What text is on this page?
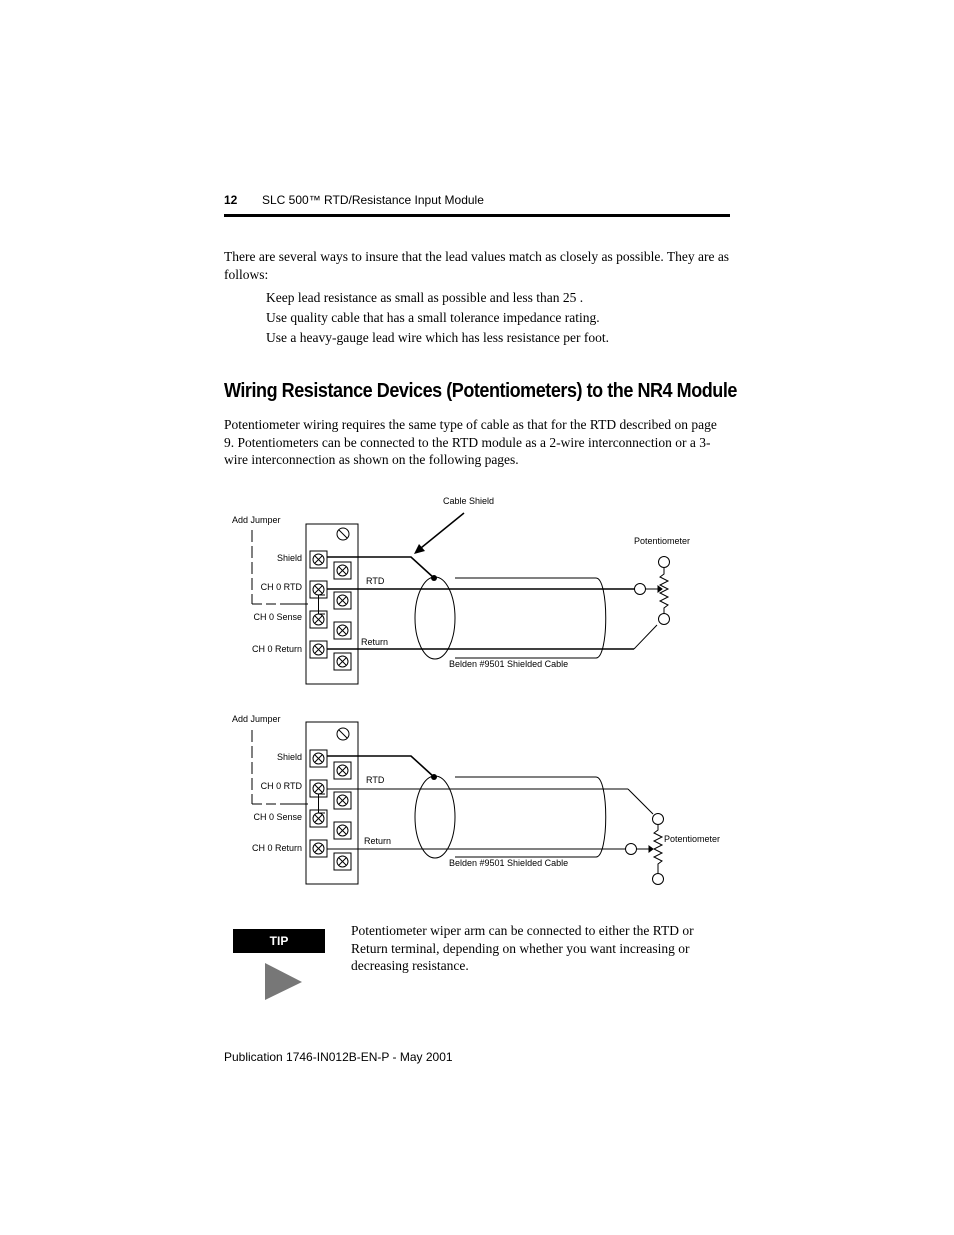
12 SLC 500™ RTD/Resistance Input Module
There are several ways to insure that the lead values match as closely as possible. They are as follows:
Keep lead resistance as small as possible and less than 25 .
Use quality cable that has a small tolerance impedance rating.
Use a heavy-gauge lead wire which has less resistance per foot.
Wiring Resistance Devices (Potentiometers) to the NR4 Module
Potentiometer wiring requires the same type of cable as that for the RTD described on page 9. Potentiometers can be connected to the RTD module as a 2-wire interconnection or a 3-wire interconnection as shown on the following pages.
Add Jumper
Cable Shield
Potentiometer
Shield
CH 0 RTD
CH 0 Sense
CH 0 Return
RTD
Return
Belden #9501 Shielded Cable
Add Jumper
Potentiometer
Shield
CH 0 RTD
CH 0 Sense
CH 0 Return
RTD
Return
Belden #9501 Shielded Cable
TIP
Potentiometer wiper arm can be connected to either the RTD or Return terminal, depending on whether you want increasing or decreasing resistance.
Publication 1746-IN012B-EN-P - May 2001
